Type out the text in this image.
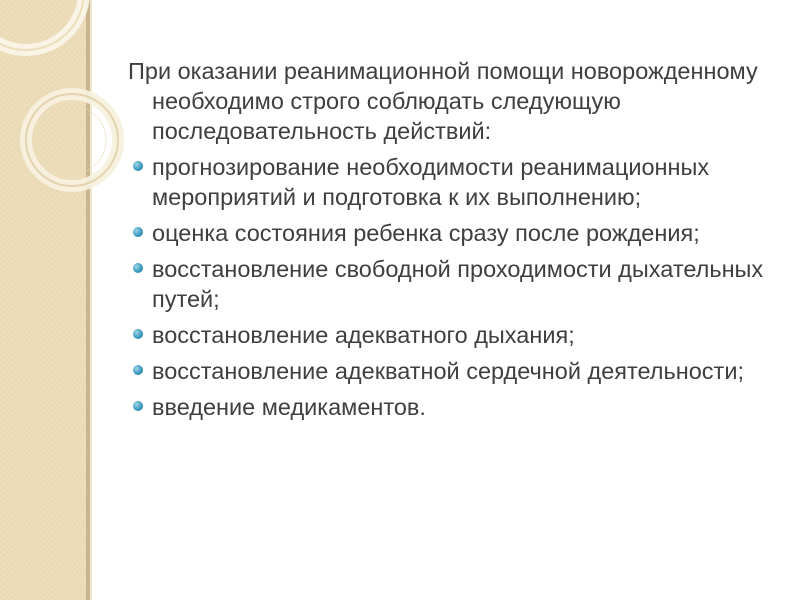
При оказании реанимационной помощи новорожденному необходимо строго соблюдать следующую последовательность действий:

прогнозирование необходимости реанимационных мероприятий и подготовка к их выполнению;
оценка состояния ребенка сразу после рождения;
восстановление свободной проходимости дыхательных путей;
восстановление адекватного дыхания;
восстановление адекватной сердечной деятельности;
введение медикаментов.
